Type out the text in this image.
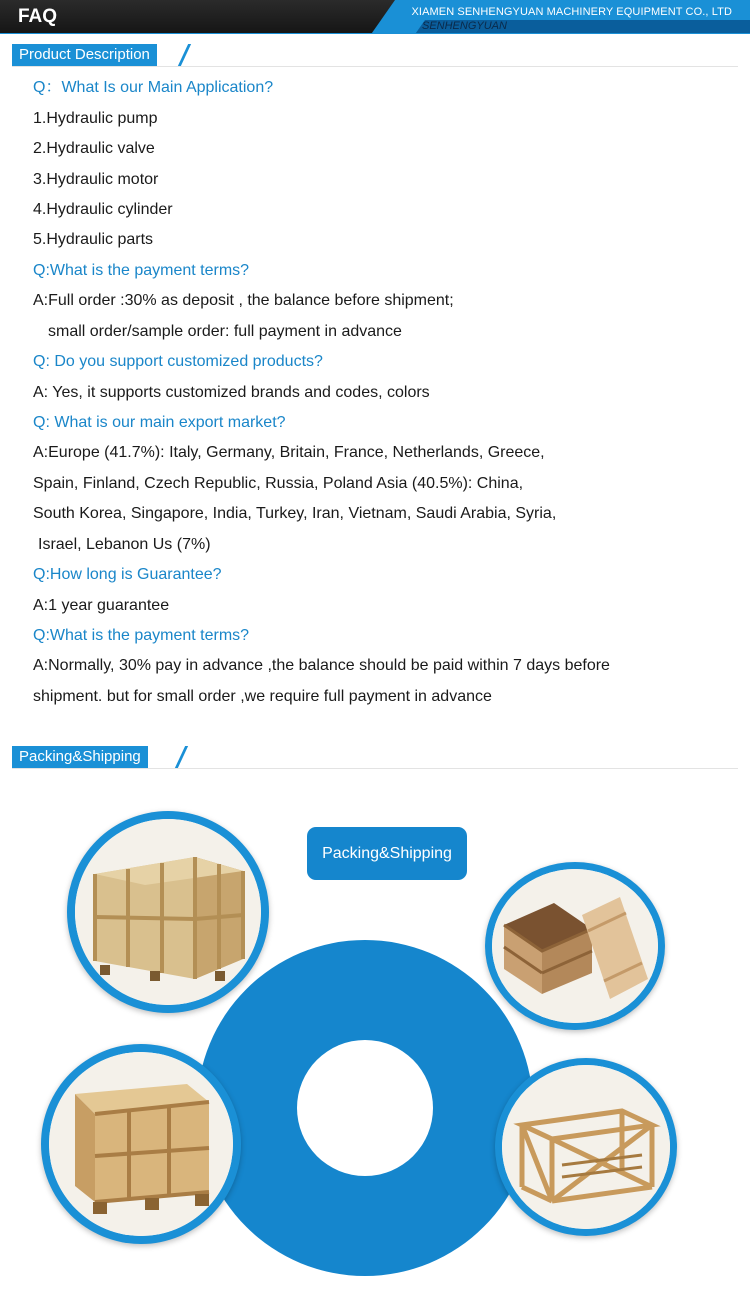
FAQ	XIAMEN SENHENGYUAN MACHINERY EQUIPMENT CO., LTD
SENHENGYUAN
Product Description
Q：What Is our Main Application?
1.Hydraulic pump
2.Hydraulic valve
3.Hydraulic motor
4.Hydraulic cylinder
5.Hydraulic parts
Q:What is the payment terms?
A:Full order :30% as deposit , the balance before shipment;
small order/sample order: full payment in advance
Q: Do you support customized products?
A: Yes, it supports customized brands and codes, colors
Q: What is our main export market?
A:Europe (41.7%): Italy, Germany, Britain, France, Netherlands, Greece,
Spain, Finland, Czech Republic, Russia, Poland Asia (40.5%): China,
South Korea, Singapore, India, Turkey, Iran, Vietnam, Saudi Arabia, Syria,
Israel, Lebanon Us (7%)
Q:How long is Guarantee?
A:1 year guarantee
Q:What is the payment terms?
A:Normally, 30% pay in advance ,the balance should be paid within 7 days before
shipment. but for small order ,we require full payment in advance
Packing&Shipping
Packing&Shipping
